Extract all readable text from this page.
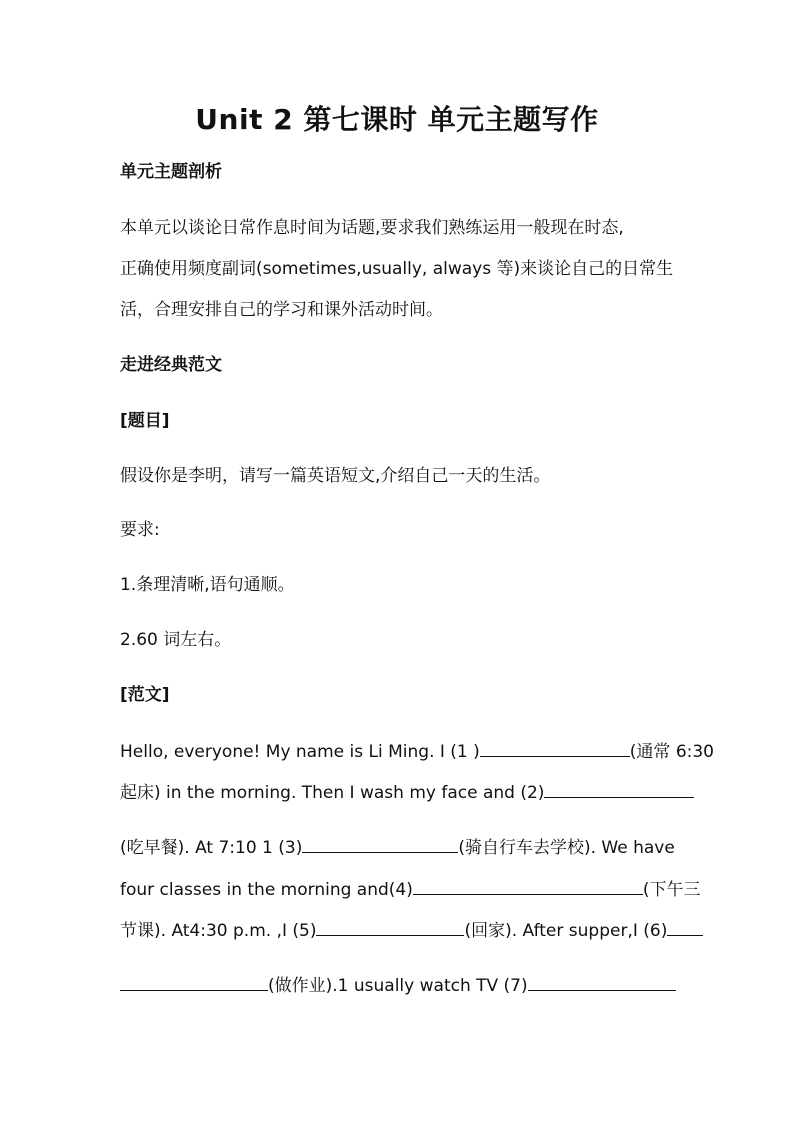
Unit 2 第七课时 单元主题写作
单元主题剖析
本单元以谈论日常作息时间为话题,要求我们熟练运用一般现在时态,
正确使用频度副词(sometimes,usually, always 等)来谈论自己的日常生
活，合理安排自己的学习和课外活动时间。
走进经典范文
[题目]
假设你是李明，请写一篇英语短文,介绍自己一天的生活。
要求:
1.条理清晰,语句通顺。
2.60 词左右。
[范文]
Hello, everyone! My name is Li Ming. I (1 )	(通常 6:30
起床) in the morning. Then I wash my face and (2)
(吃早餐). At 7:10 1 (3)	(骑自行车去学校). We have
four classes in the morning and(4)	(下午三
节课). At4:30 p.m. ,I (5)	(回家). After supper,I (6)
(做作业).1 usually watch TV (7)
